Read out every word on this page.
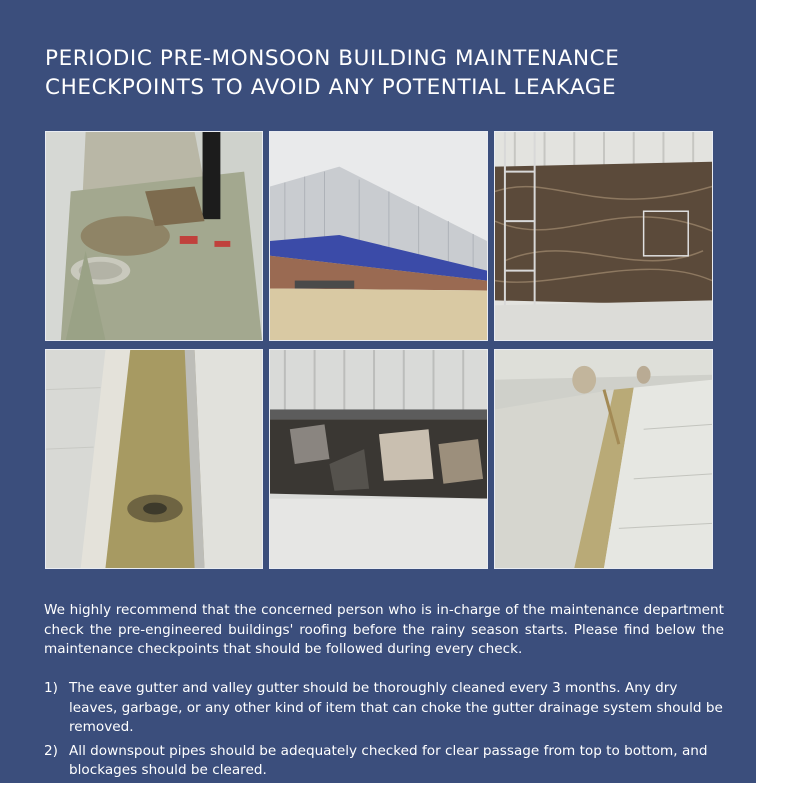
PERIODIC PRE-MONSOON BUILDING MAINTENANCE
CHECKPOINTS TO AVOID ANY POTENTIAL LEAKAGE

We highly recommend that the concerned person who is in-charge of the maintenance department check the pre-engineered buildings' roofing before the rainy season starts. Please find below the maintenance checkpoints that should be followed during every check.

1) The eave gutter and valley gutter should be thoroughly cleaned every 3 months. Any dry leaves, garbage, or any other kind of item that can choke the gutter drainage system should be removed.
2) All downspout pipes should be adequately checked for clear passage from top to bottom, and blockages should be cleared.
